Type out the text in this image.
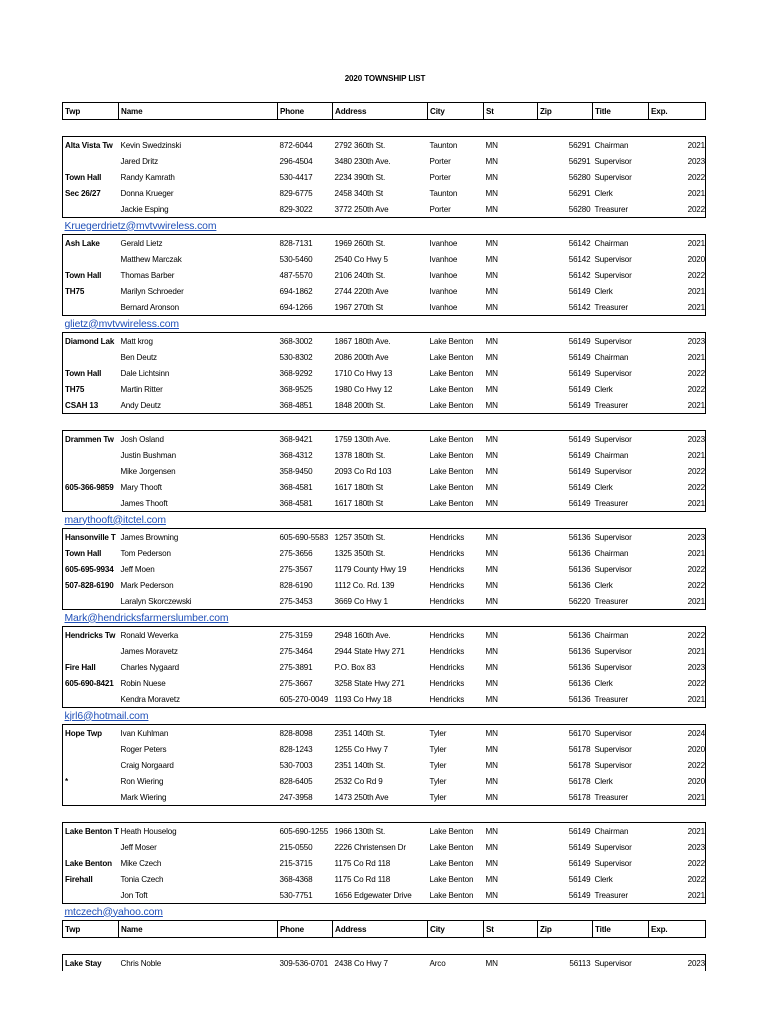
2020 TOWNSHIP LIST
Twp	Name	Phone	Address	City	St	Zip	Title	Exp.

Alta Vista Tw	Kevin Swedzinski	872-6044	2792 360th St.	Taunton	MN	56291	Chairman	2021
	Jared Dritz	296-4504	3480 230th Ave.	Porter	MN	56291	Supervisor	2023
Town Hall	Randy Kamrath	530-4417	2234 390th St.	Porter	MN	56280	Supervisor	2022
Sec 26/27	Donna Krueger	829-6775	2458 340th St	Taunton	MN	56291	Clerk	2021
	Jackie Esping	829-3022	3772 250th Ave	Porter	MN	56280	Treasurer	2022
Kruegerdrietz@mvtvwireless.com								
Ash Lake	Gerald Lietz	828-7131	1969 260th St.	Ivanhoe	MN	56142	Chairman	2021
	Matthew Marczak	530-5460	2540 Co Hwy 5	Ivanhoe	MN	56142	Supervisor	2020
Town Hall	Thomas Barber	487-5570	2106 240th St.	Ivanhoe	MN	56142	Supervisor	2022
TH75	Marilyn Schroeder	694-1862	2744 220th Ave	Ivanhoe	MN	56149	Clerk	2021
	Bernard Aronson	694-1266	1967 270th St	Ivanhoe	MN	56142	Treasurer	2021
glietz@mvtvwireless.com								
Diamond Lak	Matt krog	368-3002	1867 180th Ave.	Lake Benton	MN	56149	Supervisor	2023
	Ben Deutz	530-8302	2086 200th Ave	Lake Benton	MN	56149	Chairman	2021
Town Hall	Dale Lichtsinn	368-9292	1710 Co Hwy 13	Lake Benton	MN	56149	Supervisor	2022
TH75	Martin Ritter	368-9525	1980 Co Hwy 12	Lake Benton	MN	56149	Clerk	2022
CSAH 13	Andy Deutz	368-4851	1848 200th St.	Lake Benton	MN	56149	Treasurer	2021

Drammen Tw	Josh Osland	368-9421	1759 130th Ave.	Lake Benton	MN	56149	Supervisor	2023
	Justin Bushman	368-4312	1378 180th St.	Lake Benton	MN	56149	Chairman	2021
	Mike Jorgensen	358-9450	2093 Co Rd 103	Lake Benton	MN	56149	Supervisor	2022
605-366-9859	Mary Thooft	368-4581	1617 180th St	Lake Benton	MN	56149	Clerk	2022
	James Thooft	368-4581	1617 180th St	Lake Benton	MN	56149	Treasurer	2021
marythooft@itctel.com								
Hansonville T	James Browning	605-690-5583	1257 350th St.	Hendricks	MN	56136	Supervisor	2023
Town Hall	Tom Pederson	275-3656	1325 350th St.	Hendricks	MN	56136	Chairman	2021
605-695-9934	Jeff Moen	275-3567	1179 County Hwy 19	Hendricks	MN	56136	Supervisor	2022
507-828-6190	Mark Pederson	828-6190	1112 Co. Rd. 139	Hendricks	MN	56136	Clerk	2022
	Laralyn Skorczewski	275-3453	3669 Co Hwy 1	Hendricks	MN	56220	Treasurer	2021
Mark@hendricksfarmerslumber.com								
Hendricks Tw	Ronald Weverka	275-3159	2948 160th Ave.	Hendricks	MN	56136	Chairman	2022
	James Moravetz	275-3464	2944 State Hwy 271	Hendricks	MN	56136	Supervisor	2021
Fire Hall	Charles Nygaard	275-3891	P.O. Box 83	Hendricks	MN	56136	Supervisor	2023
605-690-8421	Robin Nuese	275-3667	3258 State Hwy 271	Hendricks	MN	56136	Clerk	2022
	Kendra Moravetz	605-270-0049	1193 Co Hwy 18	Hendricks	MN	56136	Treasurer	2021
kjrl6@hotmail.com								
Hope Twp	Ivan Kuhlman	828-8098	2351 140th St.	Tyler	MN	56170	Supervisor	2024
	Roger Peters	828-1243	1255 Co Hwy 7	Tyler	MN	56178	Supervisor	2020
	Craig Norgaard	530-7003	2351 140th St.	Tyler	MN	56178	Supervisor	2022
*	Ron Wiering	828-6405	2532 Co Rd 9	Tyler	MN	56178	Clerk	2020
	Mark Wiering	247-3958	1473 250th Ave	Tyler	MN	56178	Treasurer	2021

Lake Benton T	Heath Houselog	605-690-1255	1966 130th St.	Lake Benton	MN	56149	Chairman	2021
	Jeff Moser	215-0550	2226 Christensen Dr	Lake Benton	MN	56149	Supervisor	2023
Lake Benton	Mike Czech	215-3715	1175 Co Rd 118	Lake Benton	MN	56149	Supervisor	2022
Firehall	Tonia Czech	368-4368	1175 Co Rd 118	Lake Benton	MN	56149	Clerk	2022
	Jon Toft	530-7751	1656 Edgewater Drive	Lake Benton	MN	56149	Treasurer	2021
mtczech@yahoo.com								
Twp	Name	Phone	Address	City	St	Zip	Title	Exp.

Lake Stay	Chris Noble	309-536-0701	2438 Co Hwy 7	Arco	MN	56113	Supervisor	2023
